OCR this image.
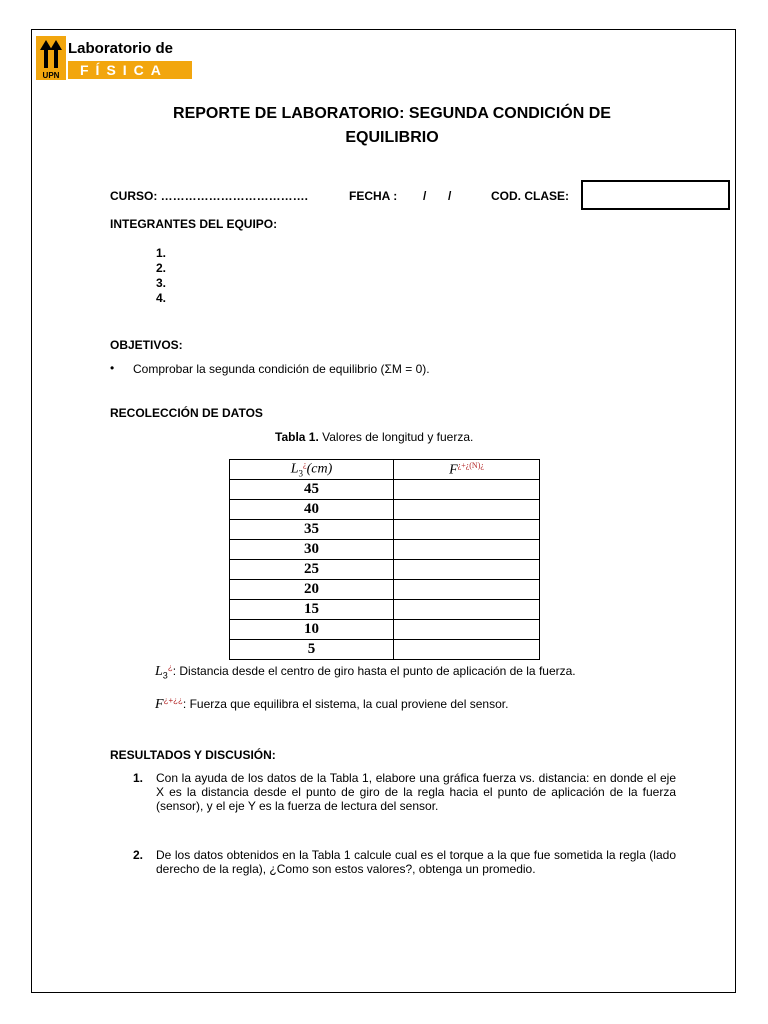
UPN
Laboratorio de
FÍSICA
REPORTE DE LABORATORIO: SEGUNDA CONDICIÓN DE
EQUILIBRIO
CURSO: ……………………………….	FECHA : / /	COD. CLASE:
INTEGRANTES DEL EQUIPO:
1.
2.
3.
4.
OBJETIVOS:
• Comprobar la segunda condición de equilibrio (ΣM = 0).
RECOLECCIÓN DE DATOS
Tabla 1. Valores de longitud y fuerza.
$L_3^¿(cm)$	$F^{¿+¿(N)¿}$
45	
40	
35	
30	
25	
20	
15	
10	
5	
$L_3^¿$: Distancia desde el centro de giro hasta el punto de aplicación de la fuerza.
F¿+¿¿: Fuerza que equilibra el sistema, la cual proviene del sensor.
RESULTADOS Y DISCUSIÓN:
1. Con la ayuda de los datos de la Tabla 1, elabore una gráfica fuerza vs. distancia: en donde el eje X es la distancia desde el punto de giro de la regla hacia el punto de aplicación de la fuerza (sensor), y el eje Y es la fuerza de lectura del sensor.
2. De los datos obtenidos en la Tabla 1 calcule cual es el torque a la que fue sometida la regla (lado derecho de la regla), ¿Como son estos valores?, obtenga un promedio.
